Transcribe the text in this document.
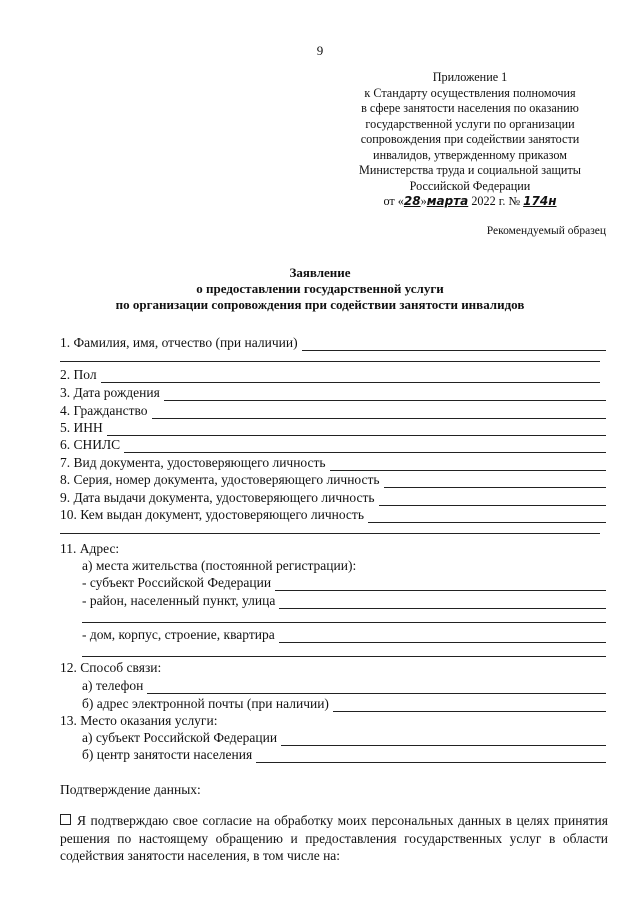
9
Приложение 1
к Стандарту осуществления полномочия
в сфере занятости населения по оказанию
государственной услуги по организации
сопровождения при содействии занятости
инвалидов, утвержденному приказом
Министерства труда и социальной защиты
Российской Федерации
от «28»марта 2022 г. № 174н
Рекомендуемый образец
Заявление
о предоставлении государственной услуги
по организации сопровождения при содействии занятости инвалидов
1. Фамилия, имя, отчество (при наличии)
2. Пол
3. Дата рождения
4. Гражданство
5. ИНН
6. СНИЛС
7. Вид документа, удостоверяющего личность
8. Серия, номер документа, удостоверяющего личность
9. Дата выдачи документа, удостоверяющего личность
10. Кем выдан документ, удостоверяющего личность
11. Адрес:
а) места жительства (постоянной регистрации):
- субъект Российской Федерации
- район, населенный пункт, улица
- дом, корпус, строение, квартира
12. Способ связи:
а) телефон
б) адрес электронной почты (при наличии)
13. Место оказания услуги:
а) субъект Российской Федерации
б) центр занятости населения
Подтверждение данных:
Я подтверждаю свое согласие на обработку моих персональных данных в целях принятия решения по настоящему обращению и предоставления государственных услуг в области содействия занятости населения, в том числе на:
